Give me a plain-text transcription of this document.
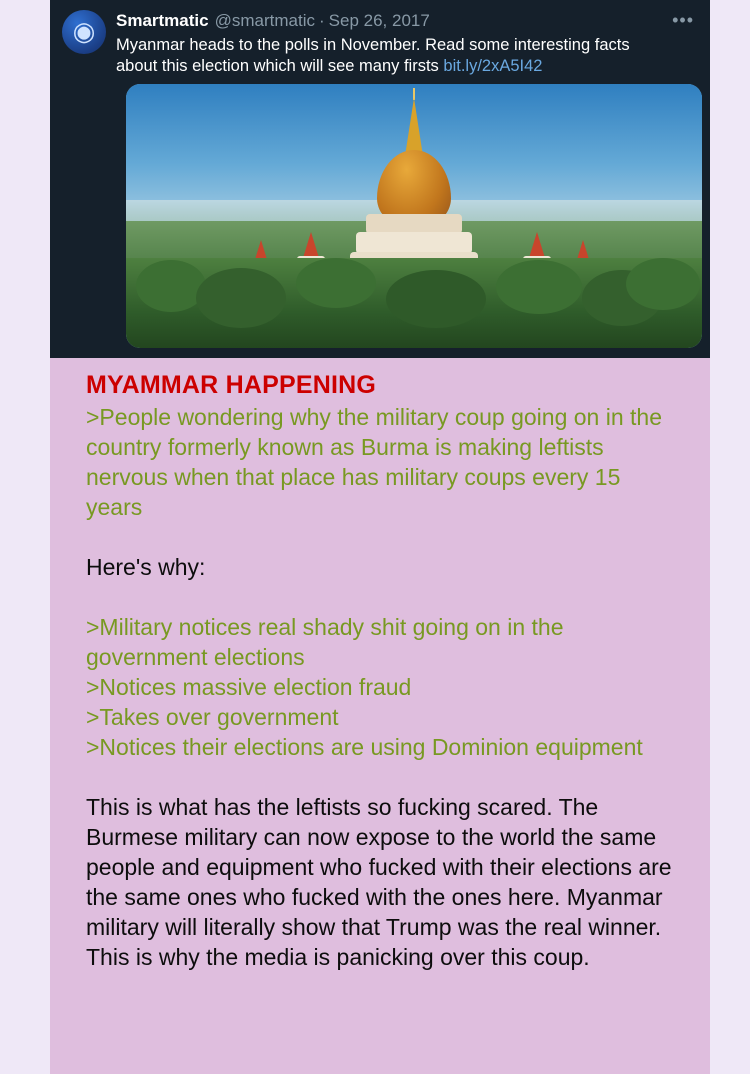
◉	Smartmatic @smartmatic · Sep 26, 2017
Myanmar heads to the polls in November. Read some interesting facts about this election which will see many firsts bit.ly/2xA5I42
•••
MYAMMAR HAPPENING
>People wondering why the military coup going on in the country formerly known as Burma is making leftists nervous when that place has military coups every 15 years
Here's why:
>Military notices real shady shit going on in the government elections
>Notices massive election fraud
>Takes over government
>Notices their elections are using Dominion equipment
This is what has the leftists so fucking scared. The Burmese military can now expose to the world the same people and equipment who fucked with their elections are the same ones who fucked with the ones here. Myanmar military will literally show that Trump was the real winner. This is why the media is panicking over this coup.
